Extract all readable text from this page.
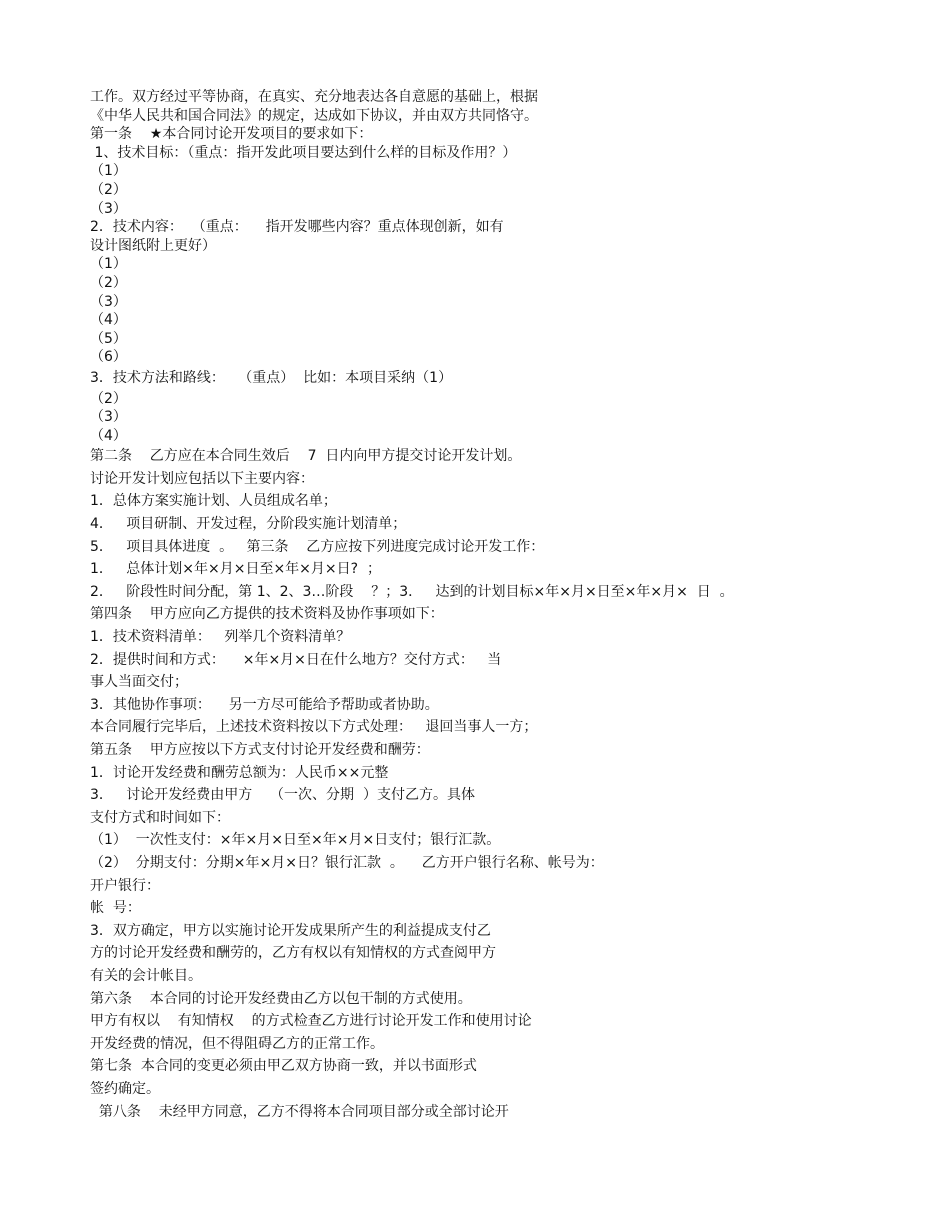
工作。双方经过平等协商，在真实、充分地表达各自意愿的基础上，根据
《中华人民共和国合同法》的规定，达成如下协议，并由双方共同恪守。
第一条    ★本合同讨论开发项目的要求如下：
1、技术目标：（重点：指开发此项目要达到什么样的目标及作用？）
（1）
（2）
（3）
2．技术内容：  （重点：    指开发哪些内容？重点体现创新，如有
设计图纸附上更好）
（1）
（2）
（3）
（4）
（5）
（6）
3．技术方法和路线：   （重点）  比如：本项目采纳（1）
（2）
（3）
（4）
第二条    乙方应在本合同生效后    7  日内向甲方提交讨论开发计划。
讨论开发计划应包括以下主要内容：
1．总体方案实施计划、人员组成名单；
4．   项目研制、开发过程，分阶段实施计划清单；
5．   项目具体进度  。   第三条    乙方应按下列进度完成讨论开发工作：
1．   总体计划×年×月×日至×年×月×日?  ；
2．   阶段性时间分配，第 1、2、3…阶段    ？；3．   达到的计划目标×年×月×日至×年×月×  日  。
第四条    甲方应向乙方提供的技术资料及协作事项如下：
1．技术资料清单：   列举几个资料清单？
2．提供时间和方式：    ×年×月×日在什么地方？交付方式：   当
事人当面交付；
3．其他协作事项：    另一方尽可能给予帮助或者协助。
本合同履行完毕后，上述技术资料按以下方式处理：   退回当事人一方；
第五条    甲方应按以下方式支付讨论开发经费和酬劳：
1．讨论开发经费和酬劳总额为：人民币××元整
3．   讨论开发经费由甲方    （一次、分期  ）支付乙方。具体
支付方式和时间如下：
（1）  一次性支付：×年×月×日至×年×月×日支付；银行汇款。
（2）  分期支付：分期×年×月×日？银行汇款  。    乙方开户银行名称、帐号为：
开户银行：
帐  号：
3．双方确定，甲方以实施讨论开发成果所产生的利益提成支付乙
方的讨论开发经费和酬劳的，乙方有权以有知情权的方式查阅甲方
有关的会计帐目。
第六条    本合同的讨论开发经费由乙方以包干制的方式使用。
甲方有权以    有知情权    的方式检查乙方进行讨论开发工作和使用讨论
开发经费的情况，但不得阻碍乙方的正常工作。
第七条  本合同的变更必须由甲乙双方协商一致，并以书面形式
签约确定。
第八条    未经甲方同意，乙方不得将本合同项目部分或全部讨论开
